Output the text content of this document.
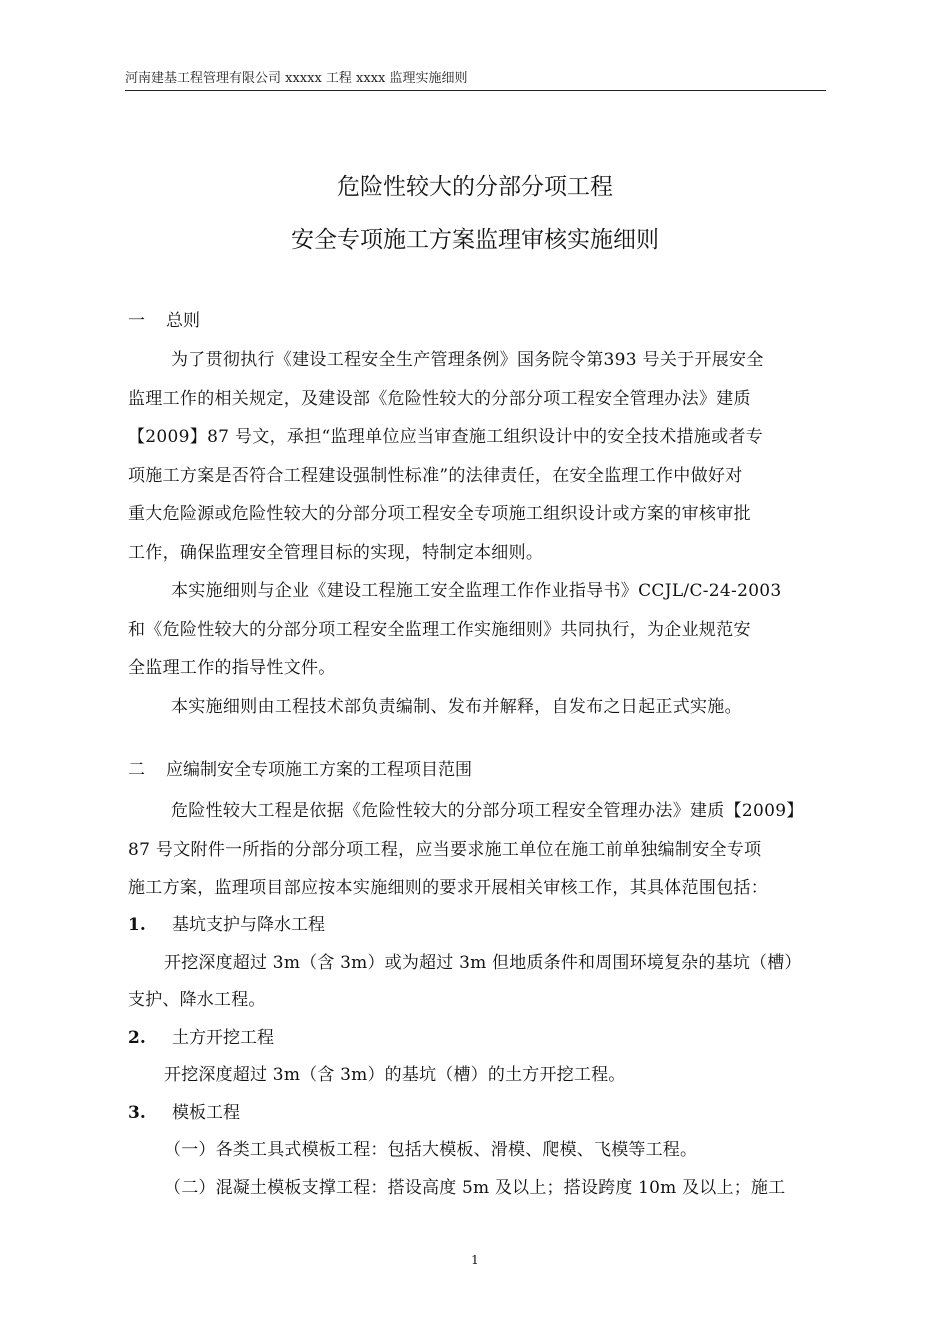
河南建基工程管理有限公司 xxxxx 工程 xxxx 监理实施细则
危险性较大的分部分项工程
安全专项施工方案监理审核实施细则
一 总则
为了贯彻执行《建设工程安全生产管理条例》国务院令第393 号关于开展安全
监理工作的相关规定，及建设部《危险性较大的分部分项工程安全管理办法》建质
【2009】87 号文，承担“监理单位应当审查施工组织设计中的安全技术措施或者专
项施工方案是否符合工程建设强制性标准”的法律责任，在安全监理工作中做好对
重大危险源或危险性较大的分部分项工程安全专项施工组织设计或方案的审核审批
工作，确保监理安全管理目标的实现，特制定本细则。
本实施细则与企业《建设工程施工安全监理工作作业指导书》CCJL/C-24-2003
和《危险性较大的分部分项工程安全监理工作实施细则》共同执行，为企业规范安
全监理工作的指导性文件。
本实施细则由工程技术部负责编制、发布并解释，自发布之日起正式实施。
二 应编制安全专项施工方案的工程项目范围
危险性较大工程是依据《危险性较大的分部分项工程安全管理办法》建质【2009】
87 号文附件一所指的分部分项工程，应当要求施工单位在施工前单独编制安全专项
施工方案，监理项目部应按本实施细则的要求开展相关审核工作，其具体范围包括：
1. 基坑支护与降水工程
开挖深度超过 3m（含 3m）或为超过 3m 但地质条件和周围环境复杂的基坑（槽）
支护、降水工程。
2. 土方开挖工程
开挖深度超过 3m（含 3m）的基坑（槽）的土方开挖工程。
3. 模板工程
（一）各类工具式模板工程：包括大模板、滑模、爬模、飞模等工程。
（二）混凝土模板支撑工程：搭设高度 5m 及以上；搭设跨度 10m 及以上；施工
1
